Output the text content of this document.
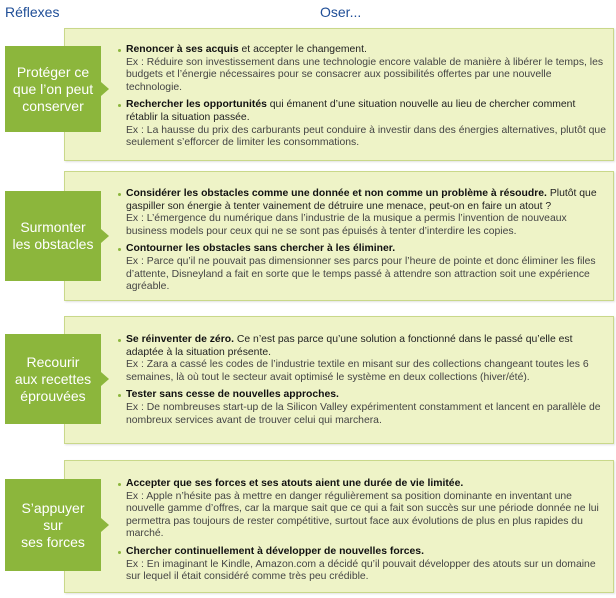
Réflexes	Oser...
Protéger ce
que l’on peut
conserver
Renoncer à ses acquis et accepter le changement.
Ex : Réduire son investissement dans une technologie encore valable de manière à libérer le temps, les budgets et l’énergie nécessaires pour se consacrer aux possibilités offertes par une nouvelle technologie.
Rechercher les opportunités qui émanent d’une situation nouvelle au lieu de chercher comment rétablir la situation passée.
Ex : La hausse du prix des carburants peut conduire à investir dans des énergies alternatives, plutôt que seulement s’efforcer de limiter les consommations.
Surmonter
les obstacles
Considérer les obstacles comme une donnée et non comme un problème à résoudre. Plutôt que gaspiller son énergie à tenter vainement de détruire une menace, peut-on en faire un atout ?
Ex : L’émergence du numérique dans l’industrie de la musique a permis l’invention de nouveaux business models pour ceux qui ne se sont pas épuisés à tenter d’interdire les copies.
Contourner les obstacles sans chercher à les éliminer.
Ex : Parce qu’il ne pouvait pas dimensionner ses parcs pour l’heure de pointe et donc éliminer les files d’attente, Disneyland a fait en sorte que le temps passé à attendre son attraction soit une expérience agréable.
Recourir
aux recettes
éprouvées
Se réinventer de zéro. Ce n’est pas parce qu’une solution a fonctionné dans le passé qu’elle est adaptée à la situation présente.
Ex : Zara a cassé les codes de l’industrie textile en misant sur des collections changeant toutes les 6 semaines, là où tout le secteur avait optimisé le système en deux collections (hiver/été).
Tester sans cesse de nouvelles approches.
Ex : De nombreuses start-up de la Silicon Valley expérimentent constamment et lancent en parallèle de nombreux services avant de trouver celui qui marchera.
S’appuyer sur
ses forces
Accepter que ses forces et ses atouts aient une durée de vie limitée.
Ex : Apple n’hésite pas à mettre en danger régulièrement sa position dominante en inventant une nouvelle gamme d’offres, car la marque sait que ce qui a fait son succès sur une période donnée ne lui permettra pas toujours de rester compétitive, surtout face aux évolutions de plus en plus rapides du marché.
Chercher continuellement à développer de nouvelles forces.
Ex : En imaginant le Kindle, Amazon.com a décidé qu’il pouvait développer des atouts sur un domaine sur lequel il était considéré comme très peu crédible.
